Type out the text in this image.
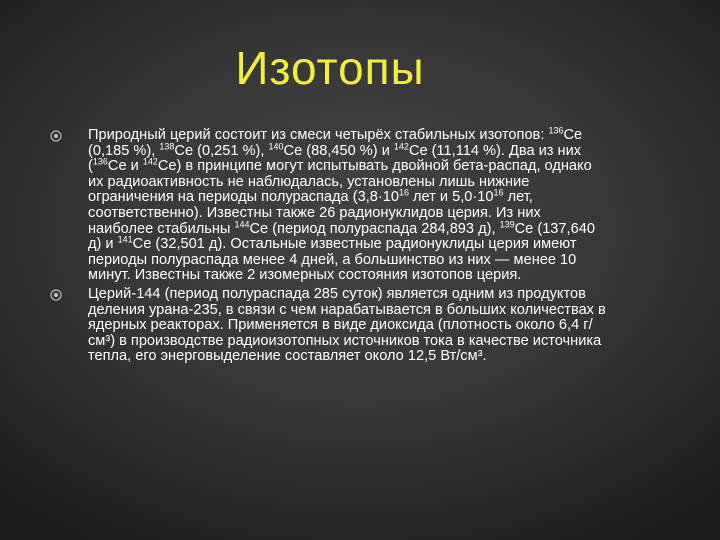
Изотопы
Природный церий состоит из смеси четырёх стабильных изотопов: $^{136}$Ce (0,185 %), $^{138}$Ce (0,251 %), $^{140}$Ce (88,450 %) и $^{142}$Ce (11,114 %). Два из них ($^{136}$Ce и $^{142}$Ce) в принципе могут испытывать двойной бета-распад, однако их радиоактивность не наблюдалась, установлены лишь нижние ограничения на периоды полураспада ($3,8\cdot 10^{16}$ лет и $5,0\cdot 10^{16}$ лет, соответственно). Известны также 26 радионуклидов церия. Из них наиболее стабильны $^{144}$Ce (период полураспада 284,893 д), $^{139}$Ce (137,640 д) и $^{141}$Ce (32,501 д). Остальные известные радионуклиды церия имеют периоды полураспада менее 4 дней, а большинство из них — менее 10 минут. Известны также 2 изомерных состояния изотопов церия.
Церий-144 (период полураспада 285 суток) является одним из продуктов деления урана-235, в связи с чем нарабатывается в больших количествах в ядерных реакторах. Применяется в виде диоксида (плотность около 6,4 г/см³) в производстве радиоизотопных источников тока в качестве источника тепла, его энерговыделение составляет около 12,5 Вт/см³.
